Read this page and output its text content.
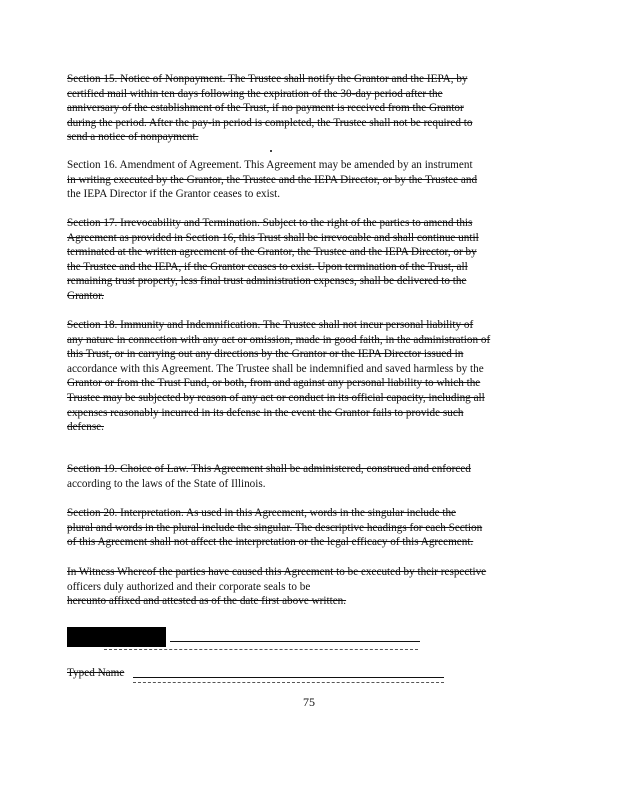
Section 15. Notice of Nonpayment. The Trustee shall notify the Grantor and the IEPA, by
certified mail within ten days following the expiration of the 30-day period after the
anniversary of the establishment of the Trust, if no payment is received from the Grantor
during the period. After the pay-in period is completed, the Trustee shall not be required to
send a notice of nonpayment.
Section 16. Amendment of Agreement. This Agreement may be amended by an instrument
in writing executed by the Grantor, the Trustee and the IEPA Director, or by the Trustee and
the IEPA Director if the Grantor ceases to exist.
Section 17. Irrevocability and Termination. Subject to the right of the parties to amend this
Agreement as provided in Section 16, this Trust shall be irrevocable and shall continue until
terminated at the written agreement of the Grantor, the Trustee and the IEPA Director, or by
the Trustee and the IEPA, if the Grantor ceases to exist. Upon termination of the Trust, all
remaining trust property, less final trust administration expenses, shall be delivered to the
Grantor.
Section 18. Immunity and Indemnification. The Trustee shall not incur personal liability of
any nature in connection with any act or omission, made in good faith, in the administration of
this Trust, or in carrying out any directions by the Grantor or the IEPA Director issued in
accordance with this Agreement. The Trustee shall be indemnified and saved harmless by the
Grantor or from the Trust Fund, or both, from and against any personal liability to which the
Trustee may be subjected by reason of any act or conduct in its official capacity, including all
expenses reasonably incurred in its defense in the event the Grantor fails to provide such
defense.
Section 19. Choice of Law. This Agreement shall be administered, construed and enforced
according to the laws of the State of Illinois.
Section 20. Interpretation. As used in this Agreement, words in the singular include the
plural and words in the plural include the singular. The descriptive headings for each Section
of this Agreement shall not affect the interpretation or the legal efficacy of this Agreement.
In Witness Whereof the parties have caused this Agreement to be executed by their respective
officers duly authorized and their corporate seals to be
hereunto affixed and attested as of the date first above written.
Typed Name
75
